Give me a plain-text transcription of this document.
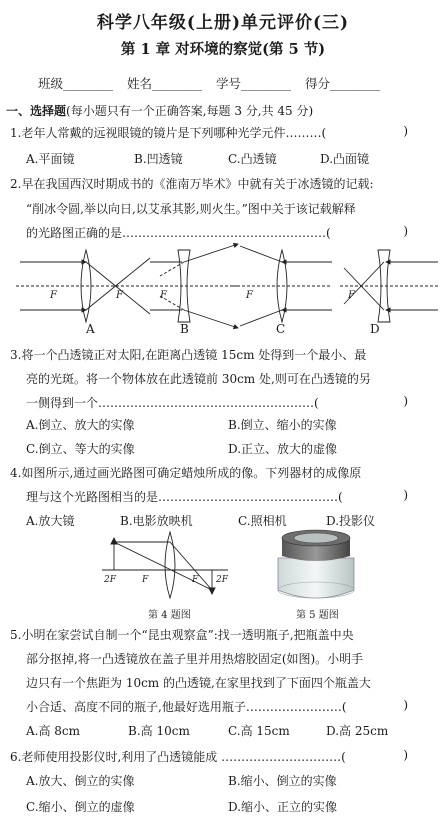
科学八年级(上册)单元评价(三)
第 1 章 对环境的察觉(第 5 节)
班级________ 姓名________ 学号________ 得分________
一、选择题(每小题只有一个正确答案,每题 3 分,共 45 分)
1.老年人常戴的远视眼镜的镜片是下列哪种光学元件………(	)
A.平面镜	B.凹透镜	C.凸透镜	D.凸面镜
2.早在我国西汉时期成书的《淮南万毕术》中就有关于冰透镜的记载:
“削冰令圆,举以向日,以艾承其影,则火生。”图中关于该记载解释
的光路图正确的是……………………………………………(	)
F	F	F	F	F
A	B	C	D
3.将一个凸透镜正对太阳,在距离凸透镜 15cm 处得到一个最小、最
亮的光斑。将一个物体放在此透镜前 30cm 处,则可在凸透镜的另
一侧得到一个………………………………………………(	)
A.倒立、放大的实像	B.倒立、缩小的实像
C.倒立、等大的实像	D.正立、放大的虚像
4.如图所示,通过画光路图可确定蜡烛所成的像。下列器材的成像原
理与这个光路图相当的是………………………………………(	)
A.放大镜	B.电影放映机	C.照相机	D.投影仪
2F	F	F 2F
第 4 题图	第 5 题图
5.小明在家尝试自制一个“昆虫观察盒”:找一透明瓶子,把瓶盖中央
部分抠掉,将一凸透镜放在盖子里并用热熔胶固定(如图)。小明手
边只有一个焦距为 10cm 的凸透镜,在家里找到了下面四个瓶盖大
小合适、高度不同的瓶子,他最好选用瓶子……………………(	)
A.高 8cm	B.高 10cm	C.高 15cm	D.高 25cm
6.老师使用投影仪时,利用了凸透镜能成 …………………………(	)
A.放大、倒立的实像	B.缩小、倒立的实像
C.缩小、倒立的虚像	D.缩小、正立的实像
